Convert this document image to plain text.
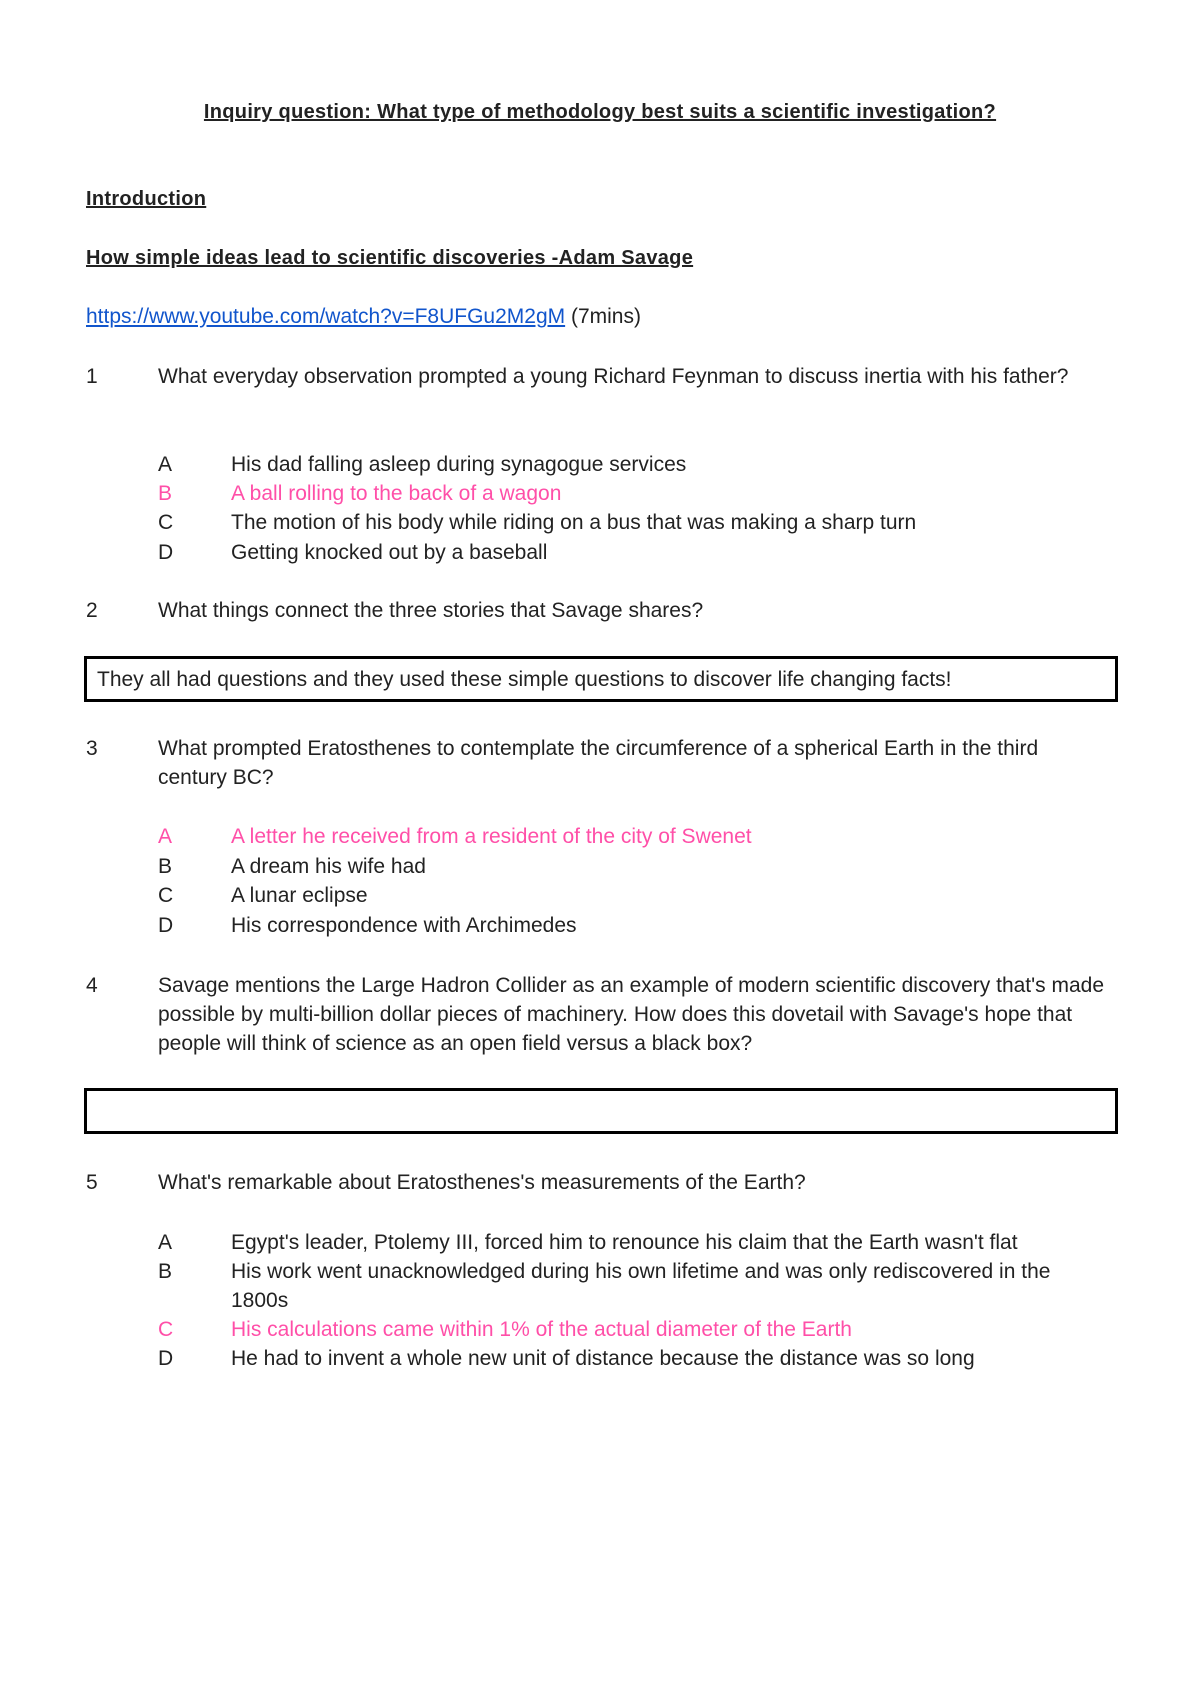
Inquiry question: What type of methodology best suits a scientific investigation?
Introduction
How simple ideas lead to scientific discoveries -Adam Savage
https://www.youtube.com/watch?v=F8UFGu2M2gM (7mins)
1	What everyday observation prompted a young Richard Feynman to discuss inertia with his father?
A	His dad falling asleep during synagogue services
B	A ball rolling to the back of a wagon
C	The motion of his body while riding on a bus that was making a sharp turn
D	Getting knocked out by a baseball
2	What things connect the three stories that Savage shares?
They all had questions and they used these simple questions to discover life changing facts!
3	What prompted Eratosthenes to contemplate the circumference of a spherical Earth in the third century BC?
A	A letter he received from a resident of the city of Swenet
B	A dream his wife had
C	A lunar eclipse
D	His correspondence with Archimedes
4	Savage mentions the Large Hadron Collider as an example of modern scientific discovery that's made possible by multi-billion dollar pieces of machinery. How does this dovetail with Savage's hope that people will think of science as an open field versus a black box?
5	What's remarkable about Eratosthenes's measurements of the Earth?
A	Egypt's leader, Ptolemy III, forced him to renounce his claim that the Earth wasn't flat
B	His work went unacknowledged during his own lifetime and was only rediscovered in the 1800s
C	His calculations came within 1% of the actual diameter of the Earth
D	He had to invent a whole new unit of distance because the distance was so long
